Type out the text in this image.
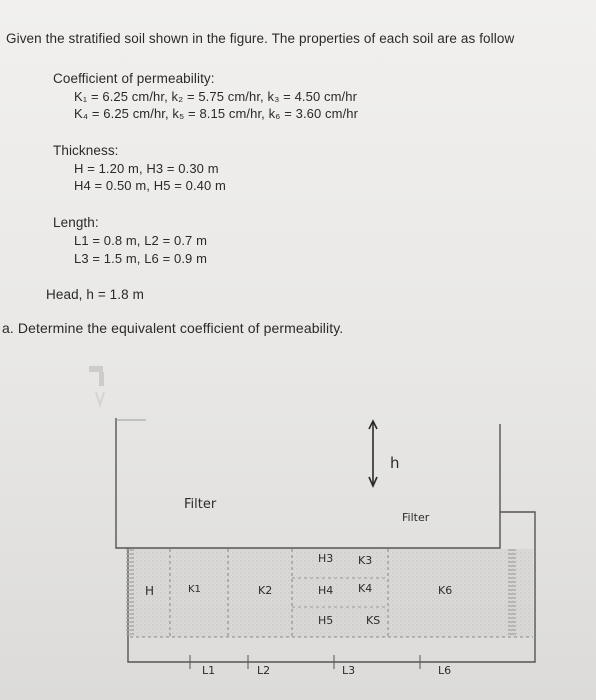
Given the stratified soil shown in the figure. The properties of each soil are as follow
Coefficient of permeability:
K₁ = 6.25 cm/hr, k₂ = 5.75 cm/hr, k₃ = 4.50 cm/hr
K₄ = 6.25 cm/hr, k₅ = 8.15 cm/hr, k₆ = 3.60 cm/hr
Thickness:
H = 1.20 m, H3 = 0.30 m
H4 = 0.50 m, H5 = 0.40 m
Length:
L1 = 0.8 m, L2 = 0.7 m
L3 = 1.5 m, L6 = 0.9 m
Head, h = 1.8 m
a. Determine the equivalent coefficient of permeability.
Filter
Filter
h
H	K1	K2
H3 K3
H4 K4
H5	KS
K6
L1	L2	L3	L6
